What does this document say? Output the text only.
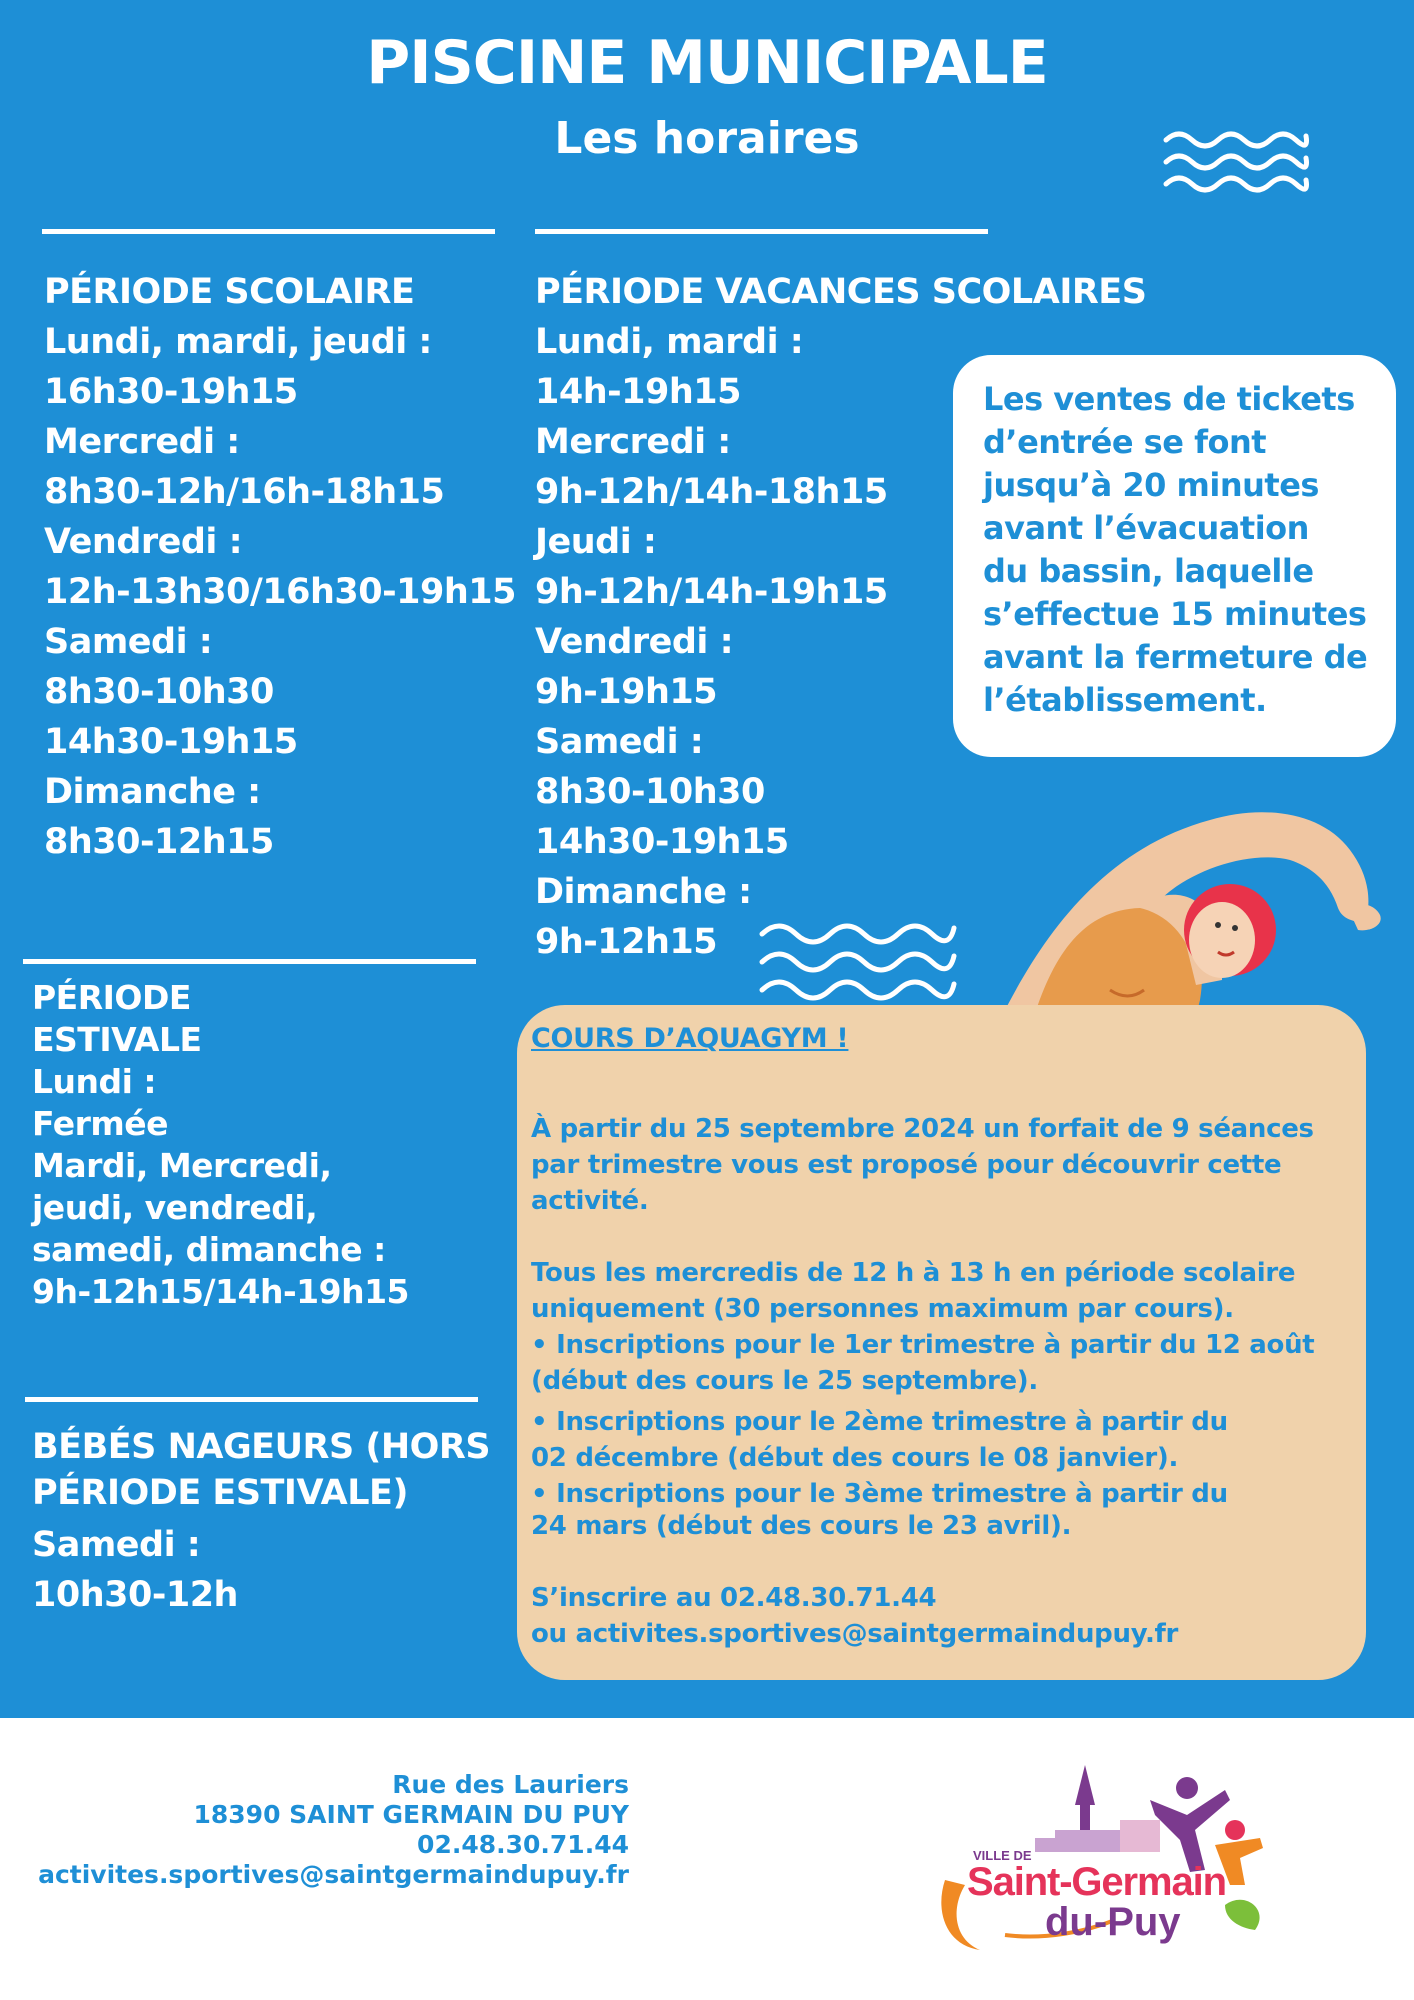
PISCINE MUNICIPALE
Les horaires
PÉRIODE SCOLAIRE
Lundi, mardi, jeudi :
16h30-19h15
Mercredi :
8h30-12h/16h-18h15
Vendredi :
12h-13h30/16h30-19h15
Samedi :
8h30-10h30
14h30-19h15
Dimanche :
8h30-12h15
PÉRIODE VACANCES SCOLAIRES
Lundi, mardi :
14h-19h15
Mercredi :
9h-12h/14h-18h15
Jeudi :
9h-12h/14h-19h15
Vendredi :
9h-19h15
Samedi :
8h30-10h30
14h30-19h15
Dimanche :
9h-12h15
Les ventes de tickets
d’entrée se font
jusqu’à 20 minutes
avant l’évacuation
du bassin, laquelle
s’effectue 15 minutes
avant la fermeture de
l’établissement.
PÉRIODE
ESTIVALE
Lundi :
Fermée
Mardi, Mercredi,
jeudi, vendredi,
samedi, dimanche :
9h-12h15/14h-19h15
BÉBÉS NAGEURS (HORS
PÉRIODE ESTIVALE)
Samedi :
10h30-12h
COURS D’AQUAGYM !
À partir du 25 septembre 2024 un forfait de 9 séances
par trimestre vous est proposé pour découvrir cette
activité.
Tous les mercredis de 12 h à 13 h en période scolaire
uniquement (30 personnes maximum par cours).
• Inscriptions pour le 1er trimestre à partir du 12 août
(début des cours le 25 septembre).
• Inscriptions pour le 2ème trimestre à partir du
02 décembre (début des cours le 08 janvier).
• Inscriptions pour le 3ème trimestre à partir du
24 mars (début des cours le 23 avril).
S’inscrire au 02.48.30.71.44
ou activites.sportives@saintgermaindupuy.fr
Rue des Lauriers
18390 SAINT GERMAIN DU PUY
02.48.30.71.44
activites.sportives@saintgermaindupuy.fr
VILLE DE
Saint-Germain
du-Puy
